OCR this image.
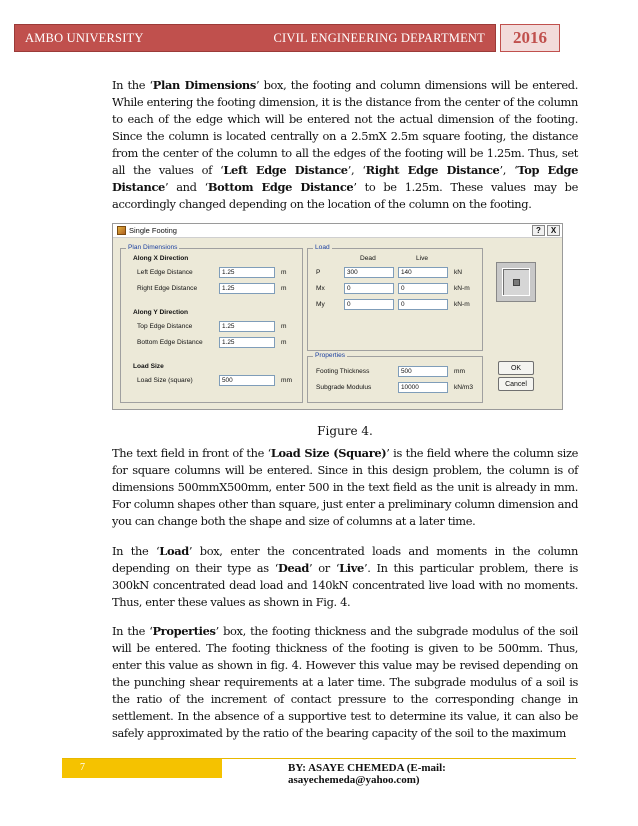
AMBO UNIVERSITY	CIVIL ENGINEERING DEPARTMENT	2016

In the ‘Plan Dimensions’ box, the footing and column dimensions will be entered. While entering the footing dimension, it is the distance from the center of the column to each of the edge which will be entered not the actual dimension of the footing. Since the column is located centrally on a 2.5mX 2.5m square footing, the distance from the center of the column to all the edges of the footing will be 1.25m. Thus, set all the values of ‘Left Edge Distance’, ‘Right Edge Distance’, ‘Top Edge Distance’ and ‘Bottom Edge Distance’ to be 1.25m. These values may be accordingly changed depending on the location of the column on the footing.

Single Footing	?	X
Plan Dimensions
Along X Direction
Left Edge Distance	1.25	m
Right Edge Distance	1.25	m
Along Y Direction
Top Edge Distance	1.25	m
Bottom Edge Distance	1.25	m
Load Size
Load Size (square)	500	mm
Load
Dead	Live
P	300	140	kN
Mx	0	0	kN-m
My	0	0	kN-m
Properties
Footing Thickness	500	mm
Subgrade Modulus	10000	kN/m3
OK
Cancel
Figure 4.

The text field in front of the ‘Load Size (Square)’ is the field where the column size for square columns will be entered. Since in this design problem, the column is of dimensions 500mmX500mm, enter 500 in the text field as the unit is already in mm. For column shapes other than square, just enter a preliminary column dimension and you can change both the shape and size of columns at a later time.

In the ‘Load’ box, enter the concentrated loads and moments in the column depending on their type as ‘Dead’ or ‘Live’. In this particular problem, there is 300kN concentrated dead load and 140kN concentrated live load with no moments. Thus, enter these values as shown in Fig. 4.

In the ‘Properties’ box, the footing thickness and the subgrade modulus of the soil will be entered. The footing thickness of the footing is given to be 500mm. Thus, enter this value as shown in fig. 4. However this value may be revised depending on the punching shear requirements at a later time. The subgrade modulus of a soil is the ratio of the increment of contact pressure to the corresponding change in settlement. In the absence of a supportive test to determine its value, it can also be safely approximated by the ratio of the bearing capacity of the soil to the maximum

7	BY: ASAYE CHEMEDA (E-mail: asayechemeda@yahoo.com)
